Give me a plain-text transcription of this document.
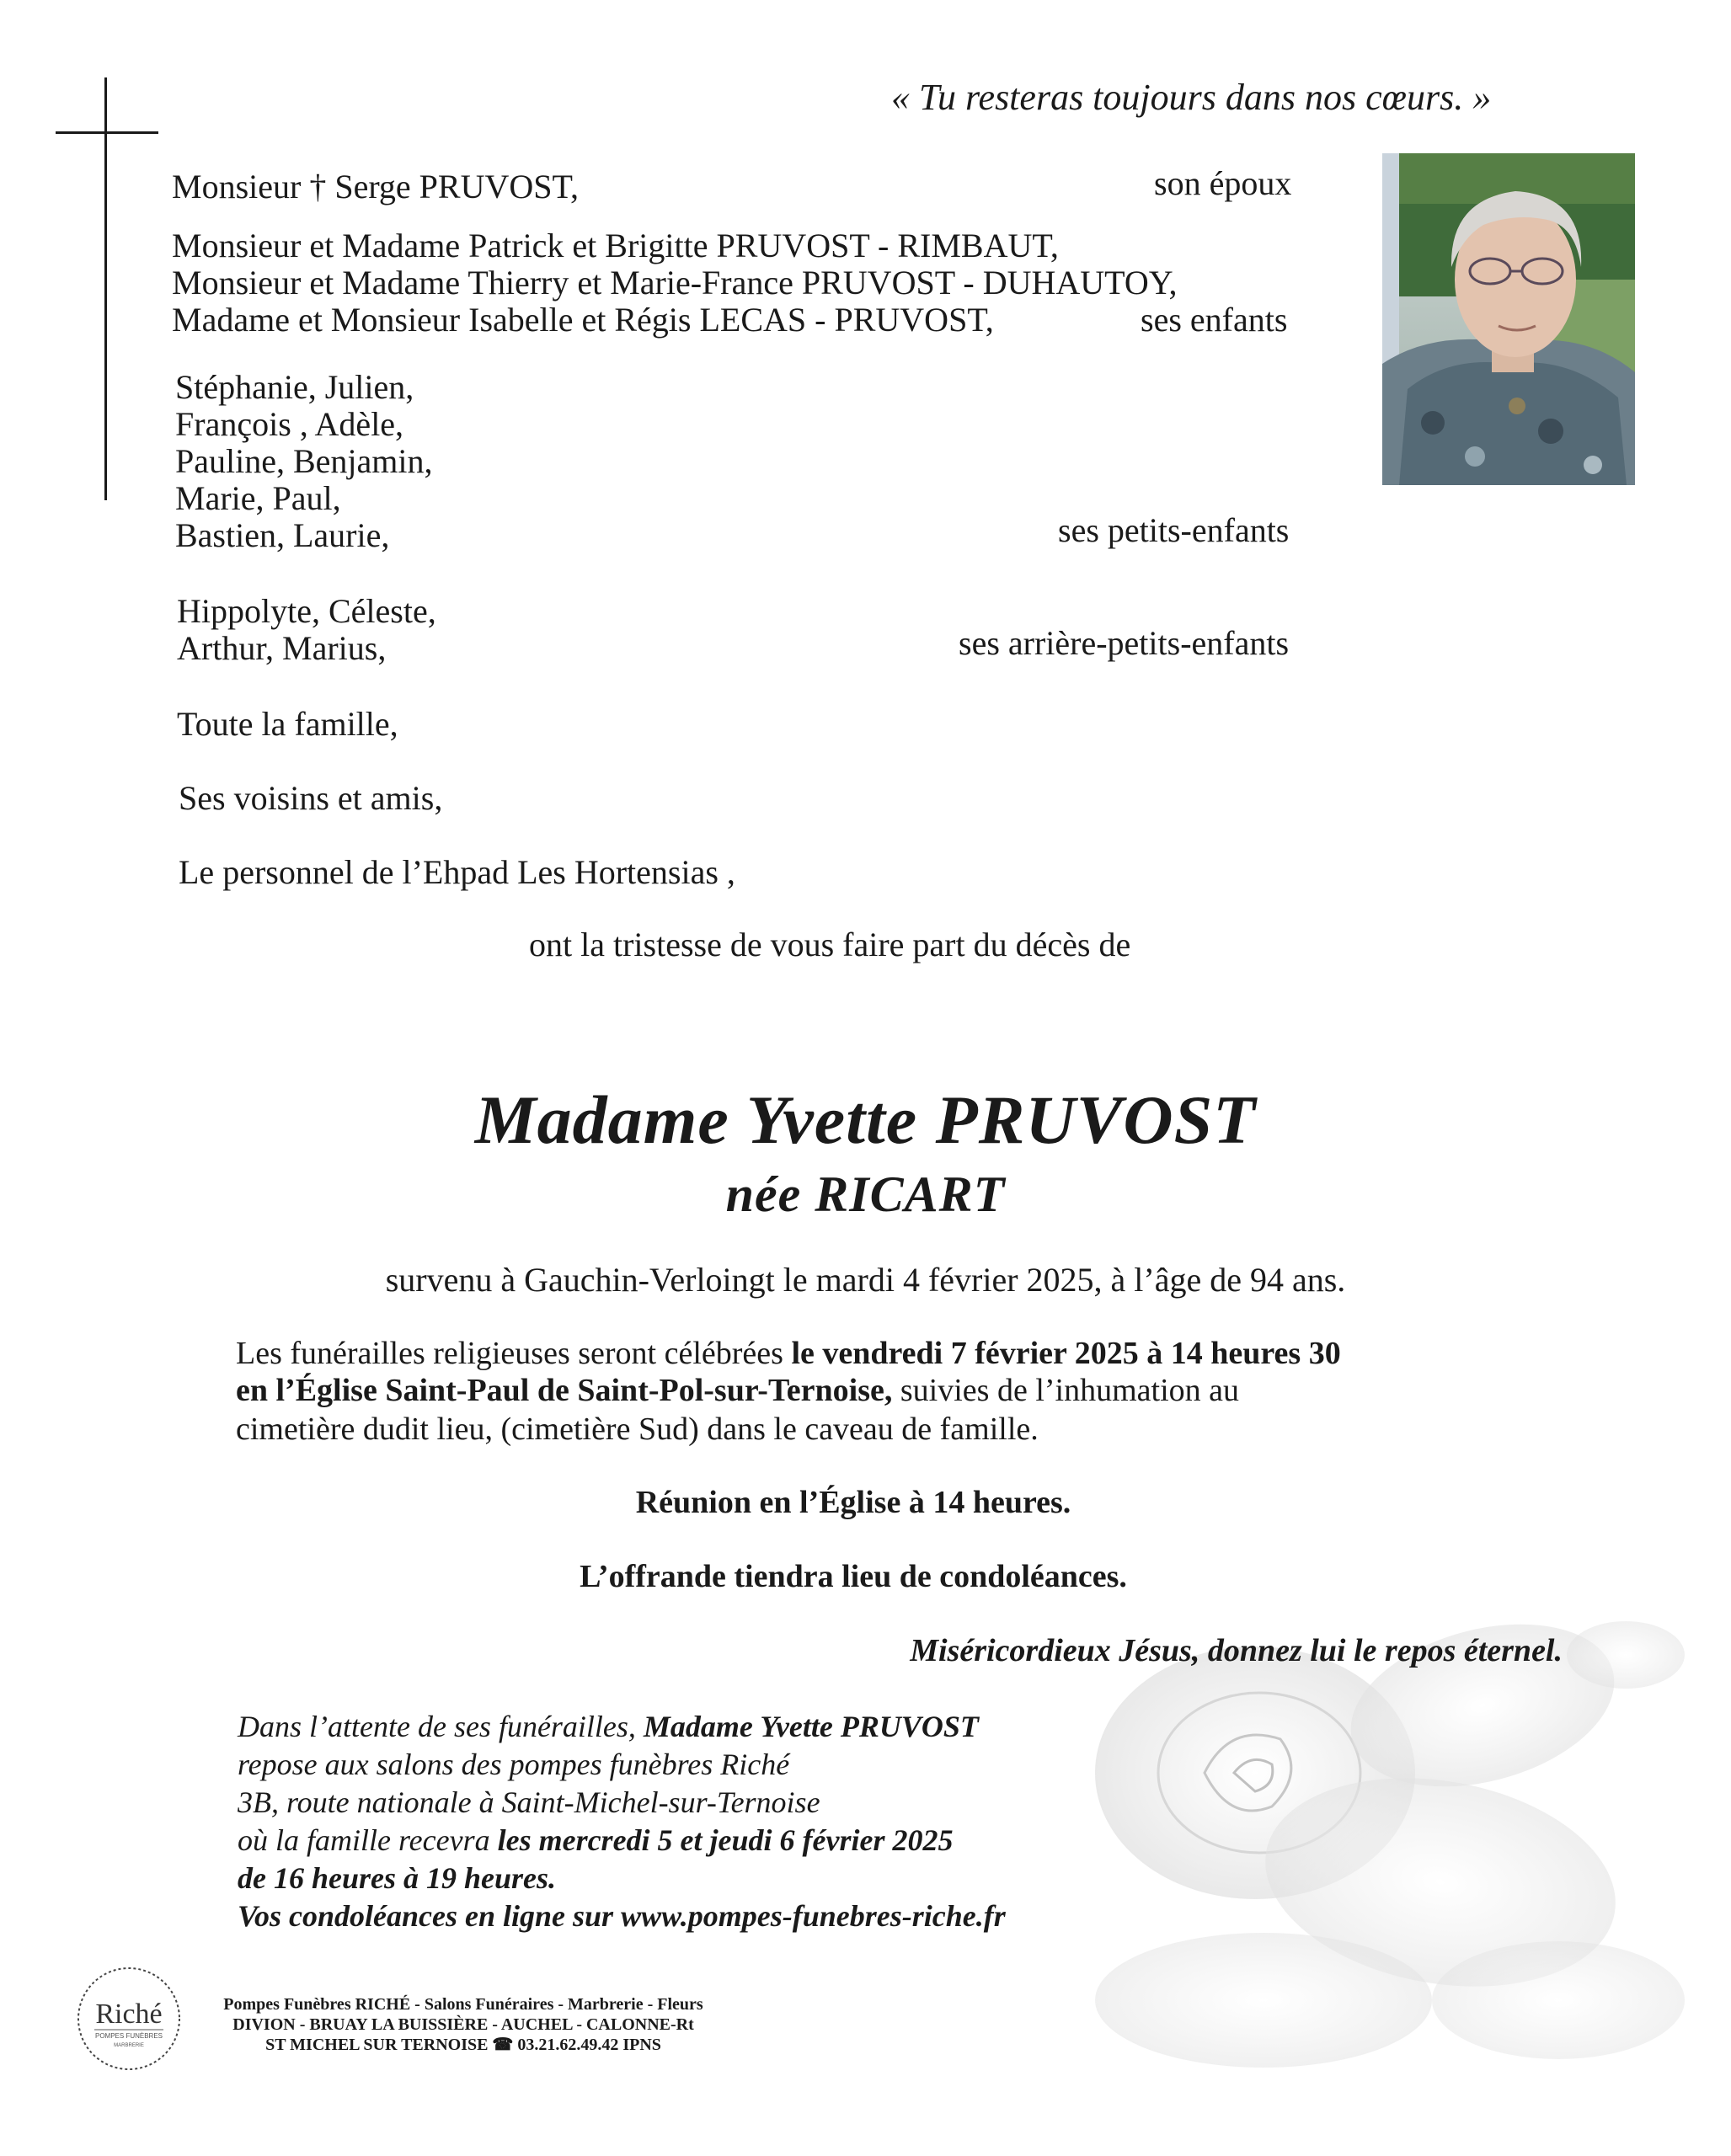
« Tu resteras toujours dans nos cœurs. »
Monsieur † Serge PRUVOST,	son époux
Monsieur et Madame Patrick et Brigitte PRUVOST - RIMBAUT,
Monsieur et Madame Thierry et Marie-France PRUVOST - DUHAUTOY,
Madame et Monsieur Isabelle et Régis LECAS - PRUVOST,	ses enfants
Stéphanie, Julien,
François , Adèle,
Pauline, Benjamin,
Marie, Paul,
Bastien, Laurie,	ses petits-enfants
Hippolyte, Céleste,
Arthur, Marius,	ses arrière-petits-enfants
Toute la famille,
Ses voisins et amis,
Le personnel de l’Ehpad Les Hortensias ,
ont la tristesse de vous faire part du décès de
Madame Yvette PRUVOST
née RICART
survenu à Gauchin-Verloingt le mardi 4 février 2025, à l’âge de 94 ans.
Les funérailles religieuses seront célébrées le vendredi 7 février 2025 à 14 heures 30
en l’Église Saint-Paul de Saint-Pol-sur-Ternoise, suivies de l’inhumation au
cimetière dudit lieu, (cimetière Sud) dans le caveau de famille.
Réunion en l’Église à 14 heures.
L’offrande tiendra lieu de condoléances.
Miséricordieux Jésus, donnez lui le repos éternel.
Dans l’attente de ses funérailles, Madame Yvette PRUVOST
repose aux salons des pompes funèbres Riché
3B, route nationale à Saint-Michel-sur-Ternoise
où la famille recevra les mercredi 5 et jeudi 6 février 2025
de 16 heures à 19 heures.
Vos condoléances en ligne sur www.pompes-funebres-riche.fr
Riché
POMPES FUNÈBRES
MARBRERIE
Pompes Funèbres RICHÉ - Salons Funéraires - Marbrerie - Fleurs
DIVION - BRUAY LA BUISSIÈRE - AUCHEL - CALONNE-Rt
ST MICHEL SUR TERNOISE ☎ 03.21.62.49.42 IPNS
